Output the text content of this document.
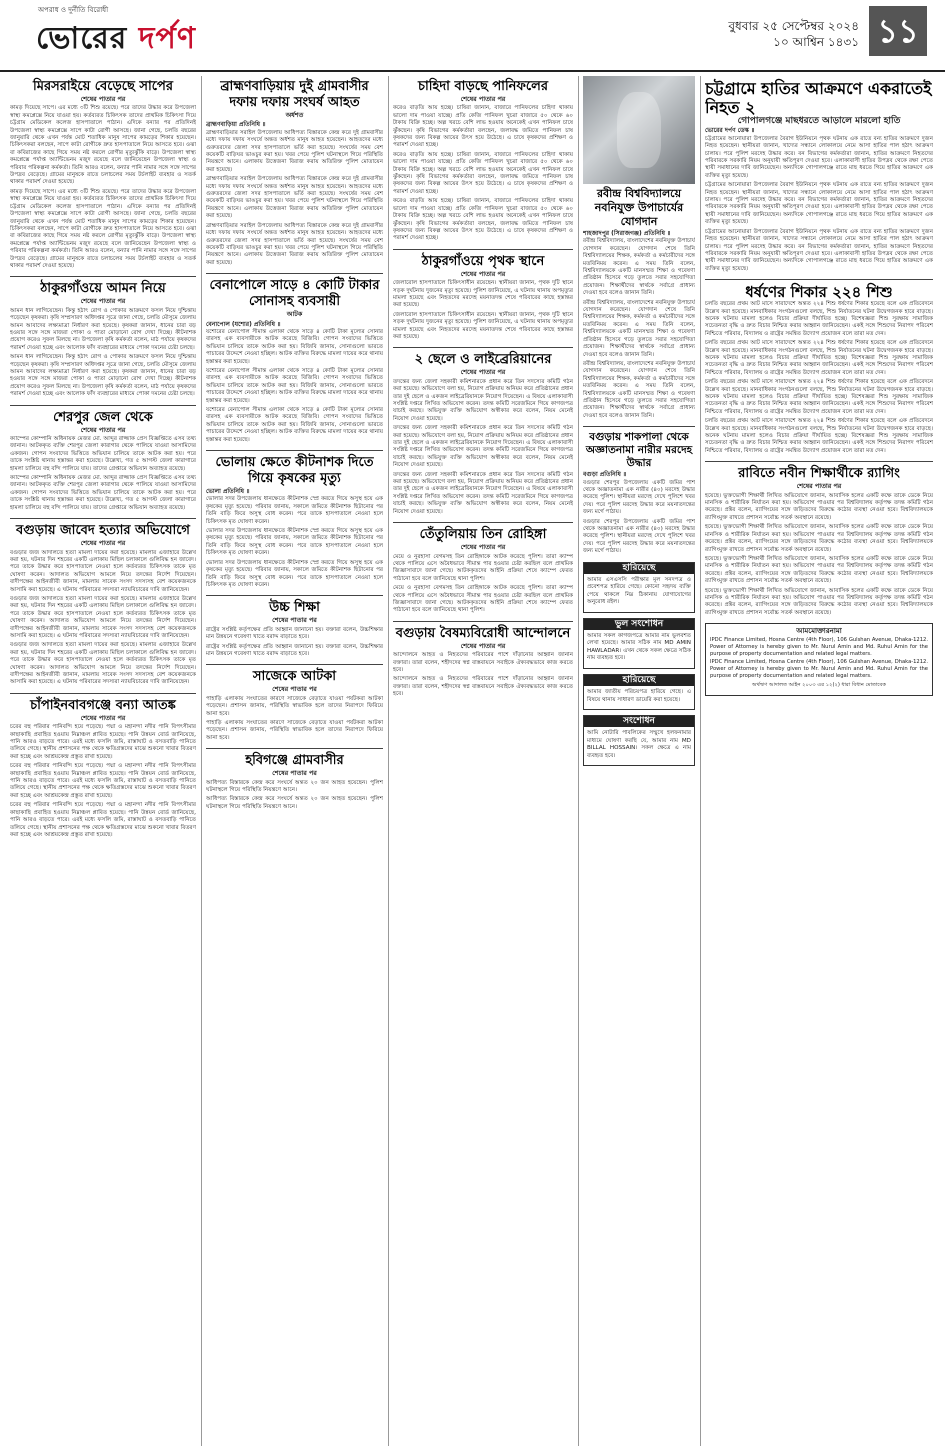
অপরাধ ও দুর্নীতি বিরোধী
ভোরের দর্পণ	বুধবার ২৫ সেপ্টেম্বর ২০২৪
১০ আশ্বিন ১৪৩১ ১১
মিরসরাইয়ে বেড়েছে সাপের
শেষের পাতার পর

কামড় দিয়েছে সাপে। এর মধ্যে ৩টি শিশু রয়েছে। পরে তাদের উদ্ধার করে উপজেলা স্বাস্থ্য কমপ্লেক্সে নিয়ে যাওয়া হয়। কর্তব্যরত চিকিৎসক তাদের প্রাথমিক চিকিৎসা দিয়ে চট্টগ্রাম মেডিকেল কলেজ হাসপাতালে পাঠান। এদিকে বন্যার পর প্রতিদিনই উপজেলা স্বাস্থ্য কমপ্লেক্সে সাপে কাটা রোগী আসছে। জানা গেছে, চলতি বছরের জানুয়ারি থেকে এখন পর্যন্ত মোট শতাধিক মানুষ সাপের কামড়ের শিকার হয়েছেন। চিকিৎসকরা বলছেন, সাপে কাটা রোগীকে দ্রুত হাসপাতালে নিয়ে আসতে হবে। ওঝা বা কবিরাজের কাছে গিয়ে সময় নষ্ট করলে রোগীর মৃত্যুঝুঁকি বাড়ে। উপজেলা স্বাস্থ্য কমপ্লেক্সে পর্যাপ্ত অ্যান্টিভেনম মজুদ রয়েছে বলে জানিয়েছেন উপজেলা স্বাস্থ্য ও পরিবার পরিকল্পনা কর্মকর্তা। তিনি আরও বলেন, বন্যার পানি নামার সঙ্গে সঙ্গে সাপের উপদ্রব বেড়েছে। গ্রামের মানুষকে রাতে চলাচলের সময় টর্চলাইট ব্যবহার ও সতর্ক থাকার পরামর্শ দেওয়া হয়েছে।

কামড় দিয়েছে সাপে। এর মধ্যে ৩টি শিশু রয়েছে। পরে তাদের উদ্ধার করে উপজেলা স্বাস্থ্য কমপ্লেক্সে নিয়ে যাওয়া হয়। কর্তব্যরত চিকিৎসক তাদের প্রাথমিক চিকিৎসা দিয়ে চট্টগ্রাম মেডিকেল কলেজ হাসপাতালে পাঠান। এদিকে বন্যার পর প্রতিদিনই উপজেলা স্বাস্থ্য কমপ্লেক্সে সাপে কাটা রোগী আসছে। জানা গেছে, চলতি বছরের জানুয়ারি থেকে এখন পর্যন্ত মোট শতাধিক মানুষ সাপের কামড়ের শিকার হয়েছেন। চিকিৎসকরা বলছেন, সাপে কাটা রোগীকে দ্রুত হাসপাতালে নিয়ে আসতে হবে। ওঝা বা কবিরাজের কাছে গিয়ে সময় নষ্ট করলে রোগীর মৃত্যুঝুঁকি বাড়ে। উপজেলা স্বাস্থ্য কমপ্লেক্সে পর্যাপ্ত অ্যান্টিভেনম মজুদ রয়েছে বলে জানিয়েছেন উপজেলা স্বাস্থ্য ও পরিবার পরিকল্পনা কর্মকর্তা। তিনি আরও বলেন, বন্যার পানি নামার সঙ্গে সঙ্গে সাপের উপদ্রব বেড়েছে। গ্রামের মানুষকে রাতে চলাচলের সময় টর্চলাইট ব্যবহার ও সতর্ক থাকার পরামর্শ দেওয়া হয়েছে।

ঠাকুরগাঁওয়ে আমন নিয়ে
শেষের পাতার পর

আমন ধান লাগিয়েছেন। কিন্তু হঠাৎ রোগ ও পোকার আক্রমণে ফসল নিয়ে দুশ্চিন্তায় পড়েছেন কৃষকরা। কৃষি সম্প্রসারণ অধিদপ্তর সূত্রে জানা গেছে, চলতি মৌসুমে জেলায় আমন আবাদের লক্ষ্যমাত্রা নির্ধারণ করা হয়েছে। কৃষকরা জানান, ধানের চারা বড় হওয়ার সঙ্গে সঙ্গে মাজরা পোকা ও পাতা মোড়ানো রোগ দেখা দিচ্ছে। কীটনাশক প্রয়োগ করেও সুফল মিলছে না। উপজেলা কৃষি কর্মকর্তা বলেন, মাঠ পর্যায়ে কৃষকদের পরামর্শ দেওয়া হচ্ছে এবং আলোক ফাঁদ ব্যবহারের মাধ্যমে পোকা দমনের চেষ্টা চলছে।

আমন ধান লাগিয়েছেন। কিন্তু হঠাৎ রোগ ও পোকার আক্রমণে ফসল নিয়ে দুশ্চিন্তায় পড়েছেন কৃষকরা। কৃষি সম্প্রসারণ অধিদপ্তর সূত্রে জানা গেছে, চলতি মৌসুমে জেলায় আমন আবাদের লক্ষ্যমাত্রা নির্ধারণ করা হয়েছে। কৃষকরা জানান, ধানের চারা বড় হওয়ার সঙ্গে সঙ্গে মাজরা পোকা ও পাতা মোড়ানো রোগ দেখা দিচ্ছে। কীটনাশক প্রয়োগ করেও সুফল মিলছে না। উপজেলা কৃষি কর্মকর্তা বলেন, মাঠ পর্যায়ে কৃষকদের পরামর্শ দেওয়া হচ্ছে এবং আলোক ফাঁদ ব্যবহারের মাধ্যমে পোকা দমনের চেষ্টা চলছে।

শেরপুর জেল থেকে
শেষের পাতার পর

ক্যাম্পের কোম্পানি অধিনায়ক মেজর মো. আব্দুর রাজ্জাক প্রেস বিজ্ঞপ্তিতে এসব তথ্য জানান। আটককৃত ব্যক্তি শেরপুর জেলা কারাগার থেকে পালিয়ে যাওয়া আসামিদের একজন। গোপন সংবাদের ভিত্তিতে অভিযান চালিয়ে তাকে আটক করা হয়। পরে তাকে সংশ্লিষ্ট থানায় হস্তান্তর করা হয়েছে। উল্লেখ্য, গত ৫ আগস্ট জেলা কারাগারে হামলা চালিয়ে বহু বন্দি পালিয়ে যায়। তাদের গ্রেপ্তারে অভিযান অব্যাহত রয়েছে।

ক্যাম্পের কোম্পানি অধিনায়ক মেজর মো. আব্দুর রাজ্জাক প্রেস বিজ্ঞপ্তিতে এসব তথ্য জানান। আটককৃত ব্যক্তি শেরপুর জেলা কারাগার থেকে পালিয়ে যাওয়া আসামিদের একজন। গোপন সংবাদের ভিত্তিতে অভিযান চালিয়ে তাকে আটক করা হয়। পরে তাকে সংশ্লিষ্ট থানায় হস্তান্তর করা হয়েছে। উল্লেখ্য, গত ৫ আগস্ট জেলা কারাগারে হামলা চালিয়ে বহু বন্দি পালিয়ে যায়। তাদের গ্রেপ্তারে অভিযান অব্যাহত রয়েছে।

বগুড়ায় জাবেদ হত্যার অভিযোগে
শেষের পাতার পর

বগুড়ার জজ আদালতে হত্যা মামলা দায়ের করা হয়েছে। মামলার এজাহারে উল্লেখ করা হয়, ঘটনার দিন শহরের একটি এলাকায় মিছিল চলাকালে গুলিবিদ্ধ হন জাবেদ। পরে তাকে উদ্ধার করে হাসপাতালে নেওয়া হলে কর্তব্যরত চিকিৎসক তাকে মৃত ঘোষণা করেন। আদালত অভিযোগ আমলে নিয়ে তদন্তের নির্দেশ দিয়েছেন। বাদীপক্ষের আইনজীবী জানান, মামলায় সাবেক সংসদ সদস্যসহ বেশ কয়েকজনকে আসামি করা হয়েছে। এ ঘটনায় পরিবারের সদস্যরা ন্যায়বিচারের দাবি জানিয়েছেন।

বগুড়ার জজ আদালতে হত্যা মামলা দায়ের করা হয়েছে। মামলার এজাহারে উল্লেখ করা হয়, ঘটনার দিন শহরের একটি এলাকায় মিছিল চলাকালে গুলিবিদ্ধ হন জাবেদ। পরে তাকে উদ্ধার করে হাসপাতালে নেওয়া হলে কর্তব্যরত চিকিৎসক তাকে মৃত ঘোষণা করেন। আদালত অভিযোগ আমলে নিয়ে তদন্তের নির্দেশ দিয়েছেন। বাদীপক্ষের আইনজীবী জানান, মামলায় সাবেক সংসদ সদস্যসহ বেশ কয়েকজনকে আসামি করা হয়েছে। এ ঘটনায় পরিবারের সদস্যরা ন্যায়বিচারের দাবি জানিয়েছেন।

বগুড়ার জজ আদালতে হত্যা মামলা দায়ের করা হয়েছে। মামলার এজাহারে উল্লেখ করা হয়, ঘটনার দিন শহরের একটি এলাকায় মিছিল চলাকালে গুলিবিদ্ধ হন জাবেদ। পরে তাকে উদ্ধার করে হাসপাতালে নেওয়া হলে কর্তব্যরত চিকিৎসক তাকে মৃত ঘোষণা করেন। আদালত অভিযোগ আমলে নিয়ে তদন্তের নির্দেশ দিয়েছেন। বাদীপক্ষের আইনজীবী জানান, মামলায় সাবেক সংসদ সদস্যসহ বেশ কয়েকজনকে আসামি করা হয়েছে। এ ঘটনায় পরিবারের সদস্যরা ন্যায়বিচারের দাবি জানিয়েছেন।

চাঁপাইনবাবগঞ্জে বন্যা আতঙ্ক
শেষের পাতার পর

চরের বহু পরিবার পানিবন্দি হয়ে পড়েছে। পদ্মা ও মহানন্দা নদীর পানি বিপৎসীমার কাছাকাছি প্রবাহিত হওয়ায় নিম্নাঞ্চল প্লাবিত হয়েছে। পানি উন্নয়ন বোর্ড জানিয়েছে, পানি আরও বাড়তে পারে। এরই মধ্যে ফসলি জমি, রাস্তাঘাট ও বসতবাড়ি পানিতে তলিয়ে গেছে। স্থানীয় প্রশাসনের পক্ষ থেকে ক্ষতিগ্রস্তদের মাঝে শুকনো খাবার বিতরণ করা হচ্ছে এবং আশ্রয়কেন্দ্র প্রস্তুত রাখা হয়েছে।

চরের বহু পরিবার পানিবন্দি হয়ে পড়েছে। পদ্মা ও মহানন্দা নদীর পানি বিপৎসীমার কাছাকাছি প্রবাহিত হওয়ায় নিম্নাঞ্চল প্লাবিত হয়েছে। পানি উন্নয়ন বোর্ড জানিয়েছে, পানি আরও বাড়তে পারে। এরই মধ্যে ফসলি জমি, রাস্তাঘাট ও বসতবাড়ি পানিতে তলিয়ে গেছে। স্থানীয় প্রশাসনের পক্ষ থেকে ক্ষতিগ্রস্তদের মাঝে শুকনো খাবার বিতরণ করা হচ্ছে এবং আশ্রয়কেন্দ্র প্রস্তুত রাখা হয়েছে।

চরের বহু পরিবার পানিবন্দি হয়ে পড়েছে। পদ্মা ও মহানন্দা নদীর পানি বিপৎসীমার কাছাকাছি প্রবাহিত হওয়ায় নিম্নাঞ্চল প্লাবিত হয়েছে। পানি উন্নয়ন বোর্ড জানিয়েছে, পানি আরও বাড়তে পারে। এরই মধ্যে ফসলি জমি, রাস্তাঘাট ও বসতবাড়ি পানিতে তলিয়ে গেছে। স্থানীয় প্রশাসনের পক্ষ থেকে ক্ষতিগ্রস্তদের মাঝে শুকনো খাবার বিতরণ করা হচ্ছে এবং আশ্রয়কেন্দ্র প্রস্তুত রাখা হয়েছে।

ব্রাহ্মণবাড়িয়ায় দুই গ্রামবাসীর দফায় দফায় সংঘর্ষ আহত
অর্ধশত
ব্রাহ্মণবাড়িয়া প্রতিনিধি ॥

ব্রাহ্মণবাড়িয়ার সরাইল উপজেলায় আধিপত্য বিস্তারকে কেন্দ্র করে দুই গ্রামবাসীর মধ্যে দফায় দফায় সংঘর্ষে অন্তত অর্ধশত মানুষ আহত হয়েছেন। আহতদের মধ্যে গুরুতরদের জেলা সদর হাসপাতালে ভর্তি করা হয়েছে। সংঘর্ষের সময় বেশ কয়েকটি বাড়িঘর ভাঙচুর করা হয়। খবর পেয়ে পুলিশ ঘটনাস্থলে গিয়ে পরিস্থিতি নিয়ন্ত্রণে আনে। এলাকায় উত্তেজনা বিরাজ করায় অতিরিক্ত পুলিশ মোতায়েন করা হয়েছে।

ব্রাহ্মণবাড়িয়ার সরাইল উপজেলায় আধিপত্য বিস্তারকে কেন্দ্র করে দুই গ্রামবাসীর মধ্যে দফায় দফায় সংঘর্ষে অন্তত অর্ধশত মানুষ আহত হয়েছেন। আহতদের মধ্যে গুরুতরদের জেলা সদর হাসপাতালে ভর্তি করা হয়েছে। সংঘর্ষের সময় বেশ কয়েকটি বাড়িঘর ভাঙচুর করা হয়। খবর পেয়ে পুলিশ ঘটনাস্থলে গিয়ে পরিস্থিতি নিয়ন্ত্রণে আনে। এলাকায় উত্তেজনা বিরাজ করায় অতিরিক্ত পুলিশ মোতায়েন করা হয়েছে।

ব্রাহ্মণবাড়িয়ার সরাইল উপজেলায় আধিপত্য বিস্তারকে কেন্দ্র করে দুই গ্রামবাসীর মধ্যে দফায় দফায় সংঘর্ষে অন্তত অর্ধশত মানুষ আহত হয়েছেন। আহতদের মধ্যে গুরুতরদের জেলা সদর হাসপাতালে ভর্তি করা হয়েছে। সংঘর্ষের সময় বেশ কয়েকটি বাড়িঘর ভাঙচুর করা হয়। খবর পেয়ে পুলিশ ঘটনাস্থলে গিয়ে পরিস্থিতি নিয়ন্ত্রণে আনে। এলাকায় উত্তেজনা বিরাজ করায় অতিরিক্ত পুলিশ মোতায়েন করা হয়েছে।

বেনাপোলে সাড়ে ৪ কোটি টাকার সোনাসহ ব্যবসায়ী
আটক
বেনাপোল (যশোর) প্রতিনিধি ॥

যশোরের বেনাপোল সীমান্ত এলাকা থেকে সাড়ে ৪ কোটি টাকা মূল্যের সোনার বারসহ এক ব্যবসায়ীকে আটক করেছে বিজিবি। গোপন সংবাদের ভিত্তিতে অভিযান চালিয়ে তাকে আটক করা হয়। বিজিবি জানায়, সোনাগুলো ভারতে পাচারের উদ্দেশে নেওয়া হচ্ছিল। আটক ব্যক্তির বিরুদ্ধে মামলা দায়ের করে থানায় হস্তান্তর করা হয়েছে।

যশোরের বেনাপোল সীমান্ত এলাকা থেকে সাড়ে ৪ কোটি টাকা মূল্যের সোনার বারসহ এক ব্যবসায়ীকে আটক করেছে বিজিবি। গোপন সংবাদের ভিত্তিতে অভিযান চালিয়ে তাকে আটক করা হয়। বিজিবি জানায়, সোনাগুলো ভারতে পাচারের উদ্দেশে নেওয়া হচ্ছিল। আটক ব্যক্তির বিরুদ্ধে মামলা দায়ের করে থানায় হস্তান্তর করা হয়েছে।

যশোরের বেনাপোল সীমান্ত এলাকা থেকে সাড়ে ৪ কোটি টাকা মূল্যের সোনার বারসহ এক ব্যবসায়ীকে আটক করেছে বিজিবি। গোপন সংবাদের ভিত্তিতে অভিযান চালিয়ে তাকে আটক করা হয়। বিজিবি জানায়, সোনাগুলো ভারতে পাচারের উদ্দেশে নেওয়া হচ্ছিল। আটক ব্যক্তির বিরুদ্ধে মামলা দায়ের করে থানায় হস্তান্তর করা হয়েছে।

ভোলায় ক্ষেতে কীটনাশক দিতে গিয়ে কৃষকের মৃত্যু
ভোলা প্রতিনিধি ॥

ভোলার সদর উপজেলায় ধানক্ষেতে কীটনাশক স্প্রে করতে গিয়ে অসুস্থ হয়ে এক কৃষকের মৃত্যু হয়েছে। পরিবার জানায়, সকালে জমিতে কীটনাশক ছিটানোর পর তিনি বাড়ি ফিরে অসুস্থ বোধ করেন। পরে তাকে হাসপাতালে নেওয়া হলে চিকিৎসক মৃত ঘোষণা করেন।

ভোলার সদর উপজেলায় ধানক্ষেতে কীটনাশক স্প্রে করতে গিয়ে অসুস্থ হয়ে এক কৃষকের মৃত্যু হয়েছে। পরিবার জানায়, সকালে জমিতে কীটনাশক ছিটানোর পর তিনি বাড়ি ফিরে অসুস্থ বোধ করেন। পরে তাকে হাসপাতালে নেওয়া হলে চিকিৎসক মৃত ঘোষণা করেন।

ভোলার সদর উপজেলায় ধানক্ষেতে কীটনাশক স্প্রে করতে গিয়ে অসুস্থ হয়ে এক কৃষকের মৃত্যু হয়েছে। পরিবার জানায়, সকালে জমিতে কীটনাশক ছিটানোর পর তিনি বাড়ি ফিরে অসুস্থ বোধ করেন। পরে তাকে হাসপাতালে নেওয়া হলে চিকিৎসক মৃত ঘোষণা করেন।

উচ্চ শিক্ষা
শেষের পাতার পর

রাষ্ট্রের সংশ্লিষ্ট কর্তৃপক্ষের প্রতি আহ্বান জানানো হয়। বক্তারা বলেন, উচ্চশিক্ষার মান উন্নয়নে গবেষণা খাতে বরাদ্দ বাড়াতে হবে।

রাষ্ট্রের সংশ্লিষ্ট কর্তৃপক্ষের প্রতি আহ্বান জানানো হয়। বক্তারা বলেন, উচ্চশিক্ষার মান উন্নয়নে গবেষণা খাতে বরাদ্দ বাড়াতে হবে।

সাজেকে আটকা
শেষের পাতার পর

পাহাড়ি এলাকায় সংঘাতের কারণে সাজেকে বেড়াতে যাওয়া পর্যটকরা আটকা পড়েছেন। প্রশাসন জানায়, পরিস্থিতি স্বাভাবিক হলে তাদের নিরাপদে ফিরিয়ে আনা হবে।

পাহাড়ি এলাকায় সংঘাতের কারণে সাজেকে বেড়াতে যাওয়া পর্যটকরা আটকা পড়েছেন। প্রশাসন জানায়, পরিস্থিতি স্বাভাবিক হলে তাদের নিরাপদে ফিরিয়ে আনা হবে।

হবিগঞ্জে গ্রামবাসীর
শেষের পাতার পর

আধিপত্য বিস্তারকে কেন্দ্র করে সংঘর্ষে অন্তত ২০ জন আহত হয়েছেন। পুলিশ ঘটনাস্থলে গিয়ে পরিস্থিতি নিয়ন্ত্রণে আনে।

আধিপত্য বিস্তারকে কেন্দ্র করে সংঘর্ষে অন্তত ২০ জন আহত হয়েছেন। পুলিশ ঘটনাস্থলে গিয়ে পরিস্থিতি নিয়ন্ত্রণে আনে।

চাহিদা বাড়ছে পানিফলের
শেষের পাতার পর

করেও বাড়তি আয় হচ্ছে। চাষিরা জানান, বাজারে পানিফলের চাহিদা থাকায় ভালো দাম পাওয়া যাচ্ছে। প্রতি কেজি পানিফল খুচরা বাজারে ৫০ থেকে ৬০ টাকায় বিক্রি হচ্ছে। অল্প খরচে বেশি লাভ হওয়ায় অনেকেই এখন পানিফল চাষে ঝুঁকছেন। কৃষি বিভাগের কর্মকর্তারা বলছেন, জলাবদ্ধ জমিতে পানিফল চাষ কৃষকদের জন্য বিকল্প আয়ের উৎস হয়ে উঠেছে। এ চাষে কৃষকদের প্রশিক্ষণ ও পরামর্শ দেওয়া হচ্ছে।

করেও বাড়তি আয় হচ্ছে। চাষিরা জানান, বাজারে পানিফলের চাহিদা থাকায় ভালো দাম পাওয়া যাচ্ছে। প্রতি কেজি পানিফল খুচরা বাজারে ৫০ থেকে ৬০ টাকায় বিক্রি হচ্ছে। অল্প খরচে বেশি লাভ হওয়ায় অনেকেই এখন পানিফল চাষে ঝুঁকছেন। কৃষি বিভাগের কর্মকর্তারা বলছেন, জলাবদ্ধ জমিতে পানিফল চাষ কৃষকদের জন্য বিকল্প আয়ের উৎস হয়ে উঠেছে। এ চাষে কৃষকদের প্রশিক্ষণ ও পরামর্শ দেওয়া হচ্ছে।

করেও বাড়তি আয় হচ্ছে। চাষিরা জানান, বাজারে পানিফলের চাহিদা থাকায় ভালো দাম পাওয়া যাচ্ছে। প্রতি কেজি পানিফল খুচরা বাজারে ৫০ থেকে ৬০ টাকায় বিক্রি হচ্ছে। অল্প খরচে বেশি লাভ হওয়ায় অনেকেই এখন পানিফল চাষে ঝুঁকছেন। কৃষি বিভাগের কর্মকর্তারা বলছেন, জলাবদ্ধ জমিতে পানিফল চাষ কৃষকদের জন্য বিকল্প আয়ের উৎস হয়ে উঠেছে। এ চাষে কৃষকদের প্রশিক্ষণ ও পরামর্শ দেওয়া হচ্ছে।

ঠাকুরগাঁওয়ে পৃথক স্থানে
শেষের পাতার পর

জেলারোল হাসপাতালে চিকিৎসাধীন রয়েছেন। স্থানীয়রা জানান, পৃথক দুটি স্থানে সড়ক দুর্ঘটনায় দুজনের মৃত্যু হয়েছে। পুলিশ জানিয়েছে, এ ঘটনায় থানায় অপমৃত্যুর মামলা হয়েছে এবং নিহতদের মরদেহ ময়নাতদন্ত শেষে পরিবারের কাছে হস্তান্তর করা হয়েছে।

জেলারোল হাসপাতালে চিকিৎসাধীন রয়েছেন। স্থানীয়রা জানান, পৃথক দুটি স্থানে সড়ক দুর্ঘটনায় দুজনের মৃত্যু হয়েছে। পুলিশ জানিয়েছে, এ ঘটনায় থানায় অপমৃত্যুর মামলা হয়েছে এবং নিহতদের মরদেহ ময়নাতদন্ত শেষে পরিবারের কাছে হস্তান্তর করা হয়েছে।

২ ছেলে ও লাইব্রেরিয়ানের
শেষের পাতার পর

তদন্তের জন্য জেলা সহকারী কমিশনারকে প্রধান করে তিন সদস্যের কমিটি গঠন করা হয়েছে। অভিযোগে বলা হয়, নিয়োগ প্রক্রিয়ায় অনিয়ম করে প্রতিষ্ঠানের প্রধান তার দুই ছেলে ও একজন লাইব্রেরিয়ানকে নিয়োগ দিয়েছেন। এ বিষয়ে এলাকাবাসী সংশ্লিষ্ট দপ্তরে লিখিত অভিযোগ করেন। তদন্ত কমিটি সরেজমিনে গিয়ে কাগজপত্র যাচাই করছে। অভিযুক্ত ব্যক্তি অভিযোগ অস্বীকার করে বলেন, নিয়ম মেনেই নিয়োগ দেওয়া হয়েছে।

তদন্তের জন্য জেলা সহকারী কমিশনারকে প্রধান করে তিন সদস্যের কমিটি গঠন করা হয়েছে। অভিযোগে বলা হয়, নিয়োগ প্রক্রিয়ায় অনিয়ম করে প্রতিষ্ঠানের প্রধান তার দুই ছেলে ও একজন লাইব্রেরিয়ানকে নিয়োগ দিয়েছেন। এ বিষয়ে এলাকাবাসী সংশ্লিষ্ট দপ্তরে লিখিত অভিযোগ করেন। তদন্ত কমিটি সরেজমিনে গিয়ে কাগজপত্র যাচাই করছে। অভিযুক্ত ব্যক্তি অভিযোগ অস্বীকার করে বলেন, নিয়ম মেনেই নিয়োগ দেওয়া হয়েছে।

তদন্তের জন্য জেলা সহকারী কমিশনারকে প্রধান করে তিন সদস্যের কমিটি গঠন করা হয়েছে। অভিযোগে বলা হয়, নিয়োগ প্রক্রিয়ায় অনিয়ম করে প্রতিষ্ঠানের প্রধান তার দুই ছেলে ও একজন লাইব্রেরিয়ানকে নিয়োগ দিয়েছেন। এ বিষয়ে এলাকাবাসী সংশ্লিষ্ট দপ্তরে লিখিত অভিযোগ করেন। তদন্ত কমিটি সরেজমিনে গিয়ে কাগজপত্র যাচাই করছে। অভিযুক্ত ব্যক্তি অভিযোগ অস্বীকার করে বলেন, নিয়ম মেনেই নিয়োগ দেওয়া হয়েছে।

তেঁতুলিয়ায় তিন রোহিঙ্গা
শেষের পাতার পর

মেয়ে ও নুরহাসা বেগমসহ তিন রোহিঙ্গাকে আটক করেছে পুলিশ। তারা ক্যাম্প থেকে পালিয়ে এসে অবৈধভাবে সীমান্ত পার হওয়ার চেষ্টা করছিল বলে প্রাথমিক জিজ্ঞাসাবাদে জানা গেছে। আটককৃতদের আইনি প্রক্রিয়া শেষে ক্যাম্পে ফেরত পাঠানো হবে বলে জানিয়েছে থানা পুলিশ।

মেয়ে ও নুরহাসা বেগমসহ তিন রোহিঙ্গাকে আটক করেছে পুলিশ। তারা ক্যাম্প থেকে পালিয়ে এসে অবৈধভাবে সীমান্ত পার হওয়ার চেষ্টা করছিল বলে প্রাথমিক জিজ্ঞাসাবাদে জানা গেছে। আটককৃতদের আইনি প্রক্রিয়া শেষে ক্যাম্পে ফেরত পাঠানো হবে বলে জানিয়েছে থানা পুলিশ।

বগুড়ায় বৈষম্যবিরোধী আন্দোলনে
শেষের পাতার পর

আন্দোলনে আহত ও নিহতদের পরিবারের পাশে দাঁড়ানোর আহ্বান জানান বক্তারা। তারা বলেন, শহীদদের স্বপ্ন বাস্তবায়নে সবাইকে ঐক্যবদ্ধভাবে কাজ করতে হবে।

আন্দোলনে আহত ও নিহতদের পরিবারের পাশে দাঁড়ানোর আহ্বান জানান বক্তারা। তারা বলেন, শহীদদের স্বপ্ন বাস্তবায়নে সবাইকে ঐক্যবদ্ধভাবে কাজ করতে হবে।

রবীন্দ্র বিশ্ববিদ্যালয়ে নবনিযুক্ত উপাচার্যের যোগদান
শাহজাদপুর (সিরাজগঞ্জ) প্রতিনিধি ॥

রবীন্দ্র বিশ্ববিদ্যালয়, বাংলাদেশের নবনিযুক্ত উপাচার্য যোগদান করেছেন। যোগদান শেষে তিনি বিশ্ববিদ্যালয়ের শিক্ষক, কর্মকর্তা ও কর্মচারীদের সঙ্গে মতবিনিময় করেন। এ সময় তিনি বলেন, বিশ্ববিদ্যালয়কে একটি মানসম্মত শিক্ষা ও গবেষণা প্রতিষ্ঠান হিসেবে গড়ে তুলতে সবার সহযোগিতা প্রয়োজন। শিক্ষার্থীদের স্বার্থকে সর্বাগ্রে প্রাধান্য দেওয়া হবে বলেও জানান তিনি।

রবীন্দ্র বিশ্ববিদ্যালয়, বাংলাদেশের নবনিযুক্ত উপাচার্য যোগদান করেছেন। যোগদান শেষে তিনি বিশ্ববিদ্যালয়ের শিক্ষক, কর্মকর্তা ও কর্মচারীদের সঙ্গে মতবিনিময় করেন। এ সময় তিনি বলেন, বিশ্ববিদ্যালয়কে একটি মানসম্মত শিক্ষা ও গবেষণা প্রতিষ্ঠান হিসেবে গড়ে তুলতে সবার সহযোগিতা প্রয়োজন। শিক্ষার্থীদের স্বার্থকে সর্বাগ্রে প্রাধান্য দেওয়া হবে বলেও জানান তিনি।

রবীন্দ্র বিশ্ববিদ্যালয়, বাংলাদেশের নবনিযুক্ত উপাচার্য যোগদান করেছেন। যোগদান শেষে তিনি বিশ্ববিদ্যালয়ের শিক্ষক, কর্মকর্তা ও কর্মচারীদের সঙ্গে মতবিনিময় করেন। এ সময় তিনি বলেন, বিশ্ববিদ্যালয়কে একটি মানসম্মত শিক্ষা ও গবেষণা প্রতিষ্ঠান হিসেবে গড়ে তুলতে সবার সহযোগিতা প্রয়োজন। শিক্ষার্থীদের স্বার্থকে সর্বাগ্রে প্রাধান্য দেওয়া হবে বলেও জানান তিনি।

বগুড়ায় শাকপালা থেকে অজ্ঞাতনামা নারীর মরদেহ উদ্ধার
বগুড়া প্রতিনিধি ॥

বগুড়ার শেরপুর উপজেলায় একটি জমির পাশ থেকে অজ্ঞাতনামা এক নারীর (৪০) মরদেহ উদ্ধার করেছে পুলিশ। স্থানীয়রা মরদেহ দেখে পুলিশে খবর দেয়। পরে পুলিশ মরদেহ উদ্ধার করে ময়নাতদন্তের জন্য মর্গে পাঠায়।

বগুড়ার শেরপুর উপজেলায় একটি জমির পাশ থেকে অজ্ঞাতনামা এক নারীর (৪০) মরদেহ উদ্ধার করেছে পুলিশ। স্থানীয়রা মরদেহ দেখে পুলিশে খবর দেয়। পরে পুলিশ মরদেহ উদ্ধার করে ময়নাতদন্তের জন্য মর্গে পাঠায়।

হারিয়েছে

আমার এসএসসি পরীক্ষার মূল সনদপত্র ও প্রবেশপত্র হারিয়ে গেছে। কোনো সহৃদয় ব্যক্তি পেয়ে থাকলে নিম্ন ঠিকানায় যোগাযোগের অনুরোধ রইল।

ভুল সংশোধন

আমার সকল কাগজপত্রে আমার নাম ভুলবশত লেখা হয়েছে। আমার সঠিক নাম MD AMIN HAWLADAR। এখন থেকে সকল ক্ষেত্রে সঠিক নাম ব্যবহৃত হবে।

হারিয়েছে

আমার জাতীয় পরিচয়পত্র হারিয়ে গেছে। এ বিষয়ে থানায় সাধারণ ডায়েরি করা হয়েছে।

সংশোধন

আমি নোটারি পাবলিকের সম্মুখে হলফনামার মাধ্যমে ঘোষণা করছি যে, আমার নাম MD BILLAL HOSSAIN। সকল ক্ষেত্রে এ নাম ব্যবহৃত হবে।

চট্টগ্রামে হাতির আক্রমণে একরাতেই নিহত ২
গোপালগঞ্জে মাছধরতে আড়ালে মারলো হাতি
ভোরের দর্পণ ডেস্ক ॥

চট্টগ্রামের আনোয়ারা উপজেলার বৈরাগ ইউনিয়নে পৃথক ঘটনায় এক রাতে বন্য হাতির আক্রমণে দুজন নিহত হয়েছেন। স্থানীয়রা জানান, খাদ্যের সন্ধানে লোকালয়ে নেমে আসা হাতির পাল হঠাৎ আক্রমণ চালায়। পরে পুলিশ মরদেহ উদ্ধার করে। বন বিভাগের কর্মকর্তারা জানান, হাতির আক্রমণে নিহতদের পরিবারকে সরকারি নিয়ম অনুযায়ী ক্ষতিপূরণ দেওয়া হবে। এলাকাবাসী হাতির উপদ্রব থেকে রক্ষা পেতে স্থায়ী সমাধানের দাবি জানিয়েছেন। অন্যদিকে গোপালগঞ্জে রাতে মাছ ধরতে গিয়ে হাতির আক্রমণে এক ব্যক্তির মৃত্যু হয়েছে।

চট্টগ্রামের আনোয়ারা উপজেলার বৈরাগ ইউনিয়নে পৃথক ঘটনায় এক রাতে বন্য হাতির আক্রমণে দুজন নিহত হয়েছেন। স্থানীয়রা জানান, খাদ্যের সন্ধানে লোকালয়ে নেমে আসা হাতির পাল হঠাৎ আক্রমণ চালায়। পরে পুলিশ মরদেহ উদ্ধার করে। বন বিভাগের কর্মকর্তারা জানান, হাতির আক্রমণে নিহতদের পরিবারকে সরকারি নিয়ম অনুযায়ী ক্ষতিপূরণ দেওয়া হবে। এলাকাবাসী হাতির উপদ্রব থেকে রক্ষা পেতে স্থায়ী সমাধানের দাবি জানিয়েছেন। অন্যদিকে গোপালগঞ্জে রাতে মাছ ধরতে গিয়ে হাতির আক্রমণে এক ব্যক্তির মৃত্যু হয়েছে।

চট্টগ্রামের আনোয়ারা উপজেলার বৈরাগ ইউনিয়নে পৃথক ঘটনায় এক রাতে বন্য হাতির আক্রমণে দুজন নিহত হয়েছেন। স্থানীয়রা জানান, খাদ্যের সন্ধানে লোকালয়ে নেমে আসা হাতির পাল হঠাৎ আক্রমণ চালায়। পরে পুলিশ মরদেহ উদ্ধার করে। বন বিভাগের কর্মকর্তারা জানান, হাতির আক্রমণে নিহতদের পরিবারকে সরকারি নিয়ম অনুযায়ী ক্ষতিপূরণ দেওয়া হবে। এলাকাবাসী হাতির উপদ্রব থেকে রক্ষা পেতে স্থায়ী সমাধানের দাবি জানিয়েছেন। অন্যদিকে গোপালগঞ্জে রাতে মাছ ধরতে গিয়ে হাতির আক্রমণে এক ব্যক্তির মৃত্যু হয়েছে।

ধর্ষণের শিকার ২২৪ শিশু

চলতি বছরের প্রথম আট মাসে সারাদেশে অন্তত ২২৪ শিশু ধর্ষণের শিকার হয়েছে বলে এক প্রতিবেদনে উল্লেখ করা হয়েছে। মানবাধিকার সংগঠনগুলো বলছে, শিশু নির্যাতনের ঘটনা উদ্বেগজনক হারে বাড়ছে। অনেক ঘটনায় মামলা হলেও বিচার প্রক্রিয়া দীর্ঘায়িত হচ্ছে। বিশেষজ্ঞরা শিশু সুরক্ষায় সামাজিক সচেতনতা বৃদ্ধি ও দ্রুত বিচার নিশ্চিত করার আহ্বান জানিয়েছেন। একই সঙ্গে শিশুদের নিরাপদ পরিবেশ নিশ্চিতে পরিবার, বিদ্যালয় ও রাষ্ট্রের সমন্বিত উদ্যোগ প্রয়োজন বলে তারা মত দেন।

চলতি বছরের প্রথম আট মাসে সারাদেশে অন্তত ২২৪ শিশু ধর্ষণের শিকার হয়েছে বলে এক প্রতিবেদনে উল্লেখ করা হয়েছে। মানবাধিকার সংগঠনগুলো বলছে, শিশু নির্যাতনের ঘটনা উদ্বেগজনক হারে বাড়ছে। অনেক ঘটনায় মামলা হলেও বিচার প্রক্রিয়া দীর্ঘায়িত হচ্ছে। বিশেষজ্ঞরা শিশু সুরক্ষায় সামাজিক সচেতনতা বৃদ্ধি ও দ্রুত বিচার নিশ্চিত করার আহ্বান জানিয়েছেন। একই সঙ্গে শিশুদের নিরাপদ পরিবেশ নিশ্চিতে পরিবার, বিদ্যালয় ও রাষ্ট্রের সমন্বিত উদ্যোগ প্রয়োজন বলে তারা মত দেন।

চলতি বছরের প্রথম আট মাসে সারাদেশে অন্তত ২২৪ শিশু ধর্ষণের শিকার হয়েছে বলে এক প্রতিবেদনে উল্লেখ করা হয়েছে। মানবাধিকার সংগঠনগুলো বলছে, শিশু নির্যাতনের ঘটনা উদ্বেগজনক হারে বাড়ছে। অনেক ঘটনায় মামলা হলেও বিচার প্রক্রিয়া দীর্ঘায়িত হচ্ছে। বিশেষজ্ঞরা শিশু সুরক্ষায় সামাজিক সচেতনতা বৃদ্ধি ও দ্রুত বিচার নিশ্চিত করার আহ্বান জানিয়েছেন। একই সঙ্গে শিশুদের নিরাপদ পরিবেশ নিশ্চিতে পরিবার, বিদ্যালয় ও রাষ্ট্রের সমন্বিত উদ্যোগ প্রয়োজন বলে তারা মত দেন।

চলতি বছরের প্রথম আট মাসে সারাদেশে অন্তত ২২৪ শিশু ধর্ষণের শিকার হয়েছে বলে এক প্রতিবেদনে উল্লেখ করা হয়েছে। মানবাধিকার সংগঠনগুলো বলছে, শিশু নির্যাতনের ঘটনা উদ্বেগজনক হারে বাড়ছে। অনেক ঘটনায় মামলা হলেও বিচার প্রক্রিয়া দীর্ঘায়িত হচ্ছে। বিশেষজ্ঞরা শিশু সুরক্ষায় সামাজিক সচেতনতা বৃদ্ধি ও দ্রুত বিচার নিশ্চিত করার আহ্বান জানিয়েছেন। একই সঙ্গে শিশুদের নিরাপদ পরিবেশ নিশ্চিতে পরিবার, বিদ্যালয় ও রাষ্ট্রের সমন্বিত উদ্যোগ প্রয়োজন বলে তারা মত দেন।

রাবিতে নবীন শিক্ষার্থীকে র‍্যাগিং
শেষের পাতার পর

হয়েছে। ভুক্তভোগী শিক্ষার্থী লিখিত অভিযোগে জানান, আবাসিক হলের একটি কক্ষে তাকে ডেকে নিয়ে মানসিক ও শারীরিক নির্যাতন করা হয়। অভিযোগ পাওয়ার পর বিশ্ববিদ্যালয় কর্তৃপক্ষ তদন্ত কমিটি গঠন করেছে। প্রক্টর বলেন, র‍্যাগিংয়ের সঙ্গে জড়িতদের বিরুদ্ধে কঠোর ব্যবস্থা নেওয়া হবে। বিশ্ববিদ্যালয়কে র‍্যাগিংমুক্ত রাখতে প্রশাসন সর্বোচ্চ সতর্ক অবস্থানে রয়েছে।

হয়েছে। ভুক্তভোগী শিক্ষার্থী লিখিত অভিযোগে জানান, আবাসিক হলের একটি কক্ষে তাকে ডেকে নিয়ে মানসিক ও শারীরিক নির্যাতন করা হয়। অভিযোগ পাওয়ার পর বিশ্ববিদ্যালয় কর্তৃপক্ষ তদন্ত কমিটি গঠন করেছে। প্রক্টর বলেন, র‍্যাগিংয়ের সঙ্গে জড়িতদের বিরুদ্ধে কঠোর ব্যবস্থা নেওয়া হবে। বিশ্ববিদ্যালয়কে র‍্যাগিংমুক্ত রাখতে প্রশাসন সর্বোচ্চ সতর্ক অবস্থানে রয়েছে।

হয়েছে। ভুক্তভোগী শিক্ষার্থী লিখিত অভিযোগে জানান, আবাসিক হলের একটি কক্ষে তাকে ডেকে নিয়ে মানসিক ও শারীরিক নির্যাতন করা হয়। অভিযোগ পাওয়ার পর বিশ্ববিদ্যালয় কর্তৃপক্ষ তদন্ত কমিটি গঠন করেছে। প্রক্টর বলেন, র‍্যাগিংয়ের সঙ্গে জড়িতদের বিরুদ্ধে কঠোর ব্যবস্থা নেওয়া হবে। বিশ্ববিদ্যালয়কে র‍্যাগিংমুক্ত রাখতে প্রশাসন সর্বোচ্চ সতর্ক অবস্থানে রয়েছে।

হয়েছে। ভুক্তভোগী শিক্ষার্থী লিখিত অভিযোগে জানান, আবাসিক হলের একটি কক্ষে তাকে ডেকে নিয়ে মানসিক ও শারীরিক নির্যাতন করা হয়। অভিযোগ পাওয়ার পর বিশ্ববিদ্যালয় কর্তৃপক্ষ তদন্ত কমিটি গঠন করেছে। প্রক্টর বলেন, র‍্যাগিংয়ের সঙ্গে জড়িতদের বিরুদ্ধে কঠোর ব্যবস্থা নেওয়া হবে। বিশ্ববিদ্যালয়কে র‍্যাগিংমুক্ত রাখতে প্রশাসন সর্বোচ্চ সতর্ক অবস্থানে রয়েছে।

আমমোক্তারনামা

IPDC Finance Limited, Hosna Centre (4th Floor), 106 Gulshan Avenue, Dhaka-1212. Power of Attorney is hereby given to Mr. Nurul Amin and Md. Ruhul Amin for the purpose of property documentation and related legal matters.

IPDC Finance Limited, Hosna Centre (4th Floor), 106 Gulshan Avenue, Dhaka-1212. Power of Attorney is hereby given to Mr. Nurul Amin and Md. Ruhul Amin for the purpose of property documentation and related legal matters.

অর্থঋণ আদালত আইন ২০০৩ এর ১২(২) ধারা বিধান মোতাবেক
